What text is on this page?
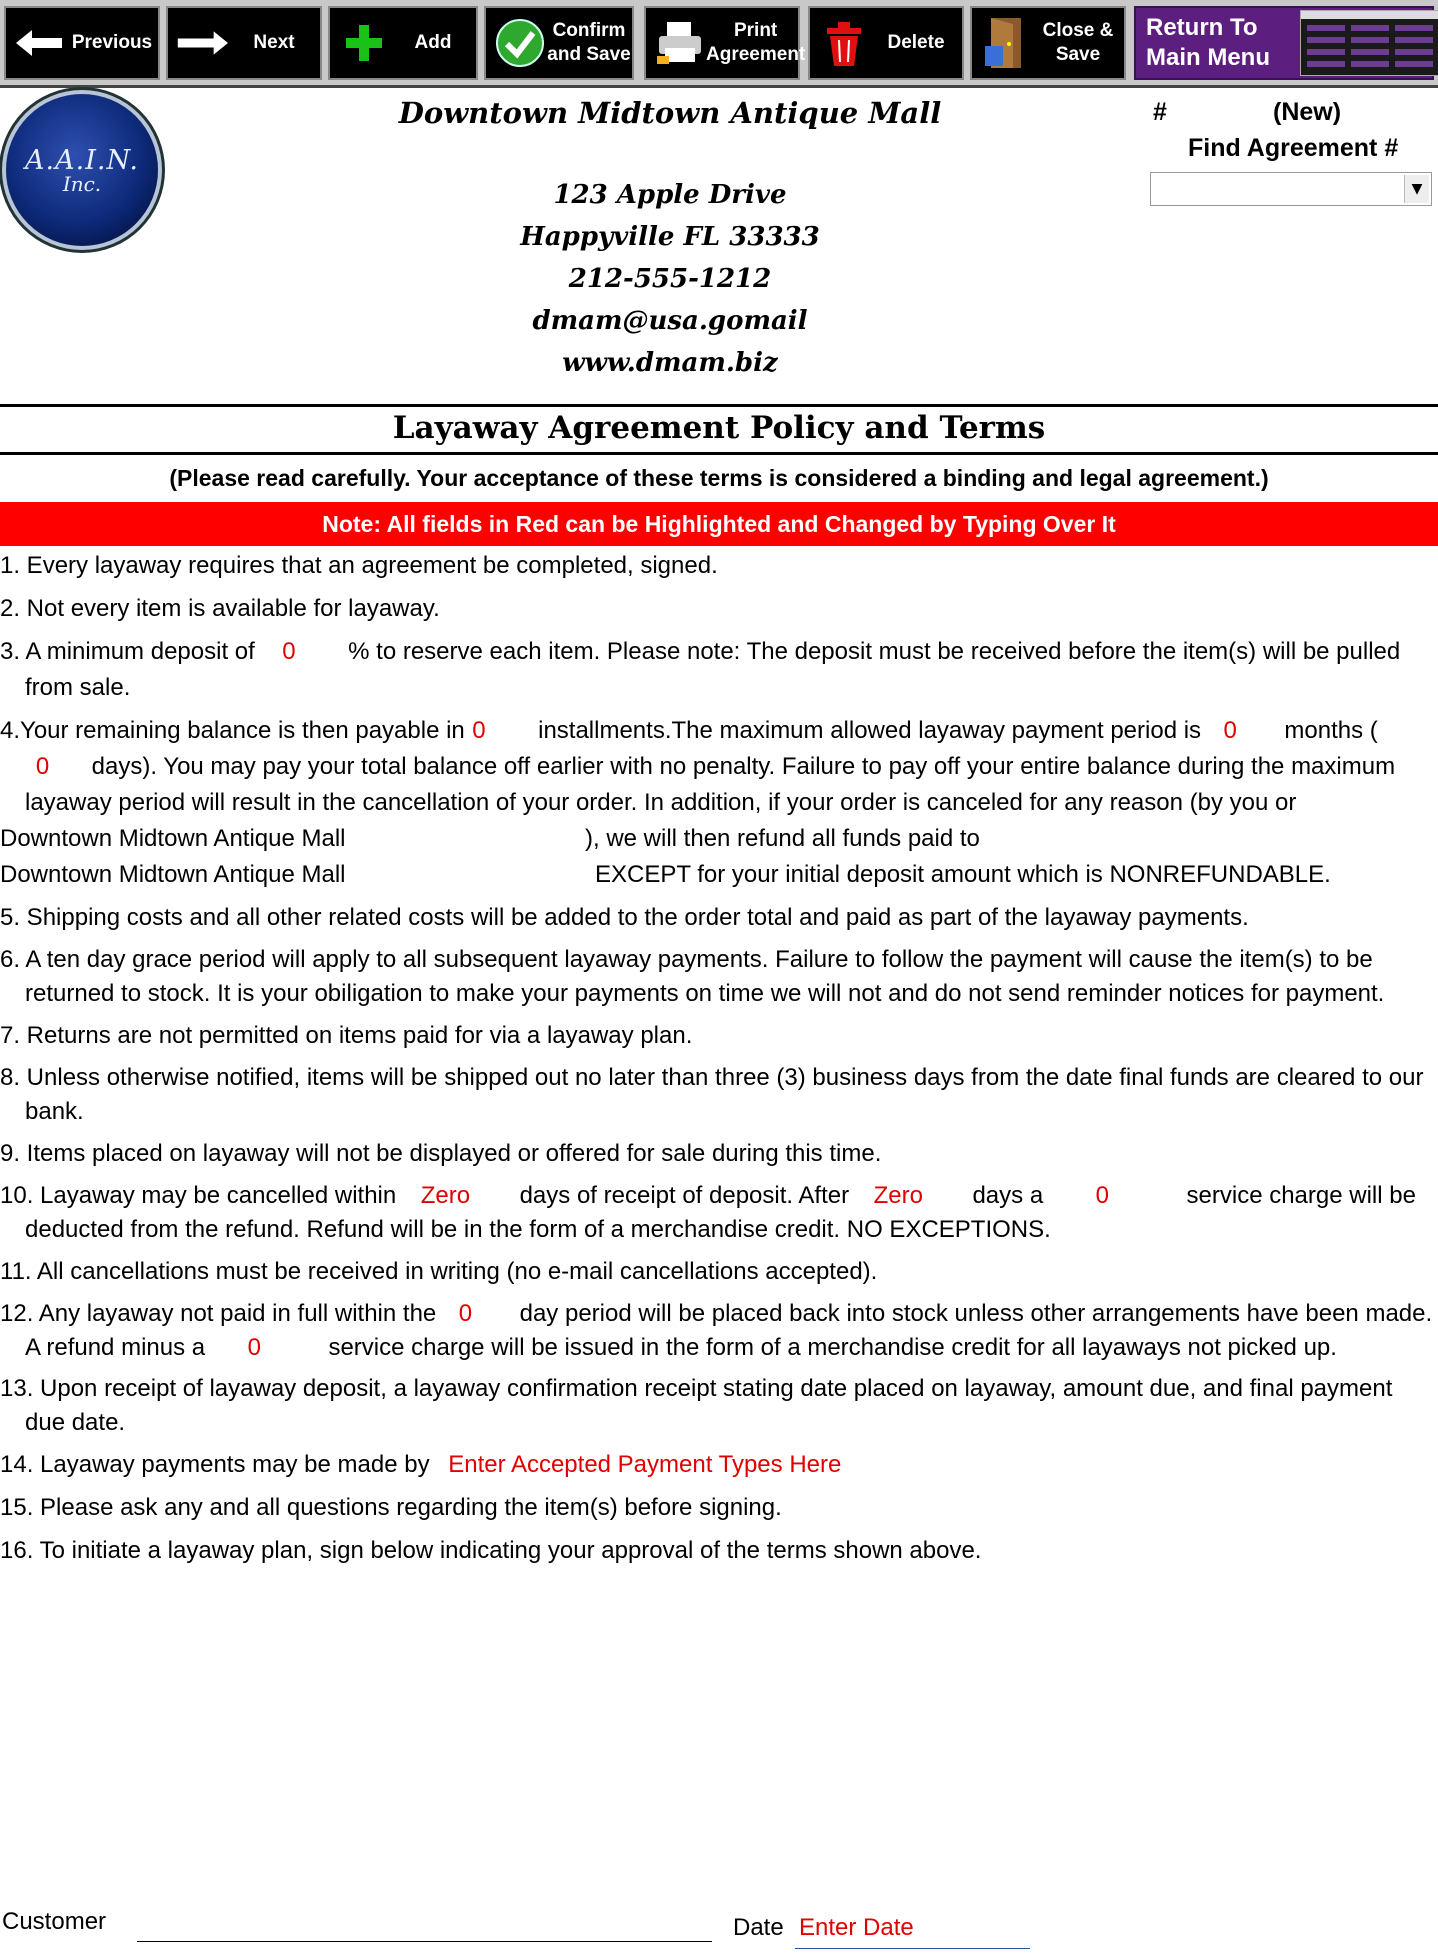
Previous	Next	Add
Confirm and Save
Print Agreement
Delete
Close & Save
Return To Main Menu
A.A.I.N.
Inc.
Downtown Midtown Antique Mall
123 Apple Drive
Happyville FL 33333
212-555-1212
dmam@usa.gomail
www.dmam.biz
#	(New)
Find Agreement #
▼
Layaway Agreement Policy and Terms
(Please read carefully. Your acceptance of these terms is considered a binding and legal agreement.)
Note: All fields in Red can be Highlighted and Changed by Typing Over It

1. Every layaway requires that an agreement be completed, signed.

2. Not every item is available for layaway.

3. A minimum deposit of 0 % to reserve each item. Please note: The deposit must be received before the item(s) will be pulled from sale.

4.Your remaining balance is then payable in 0 installments.The maximum allowed layaway payment period is 0 months ( 0 days). You may pay your total balance off earlier with no penalty. Failure to pay off your entire balance during the maximum layaway period will result in the cancellation of your order. In addition, if your order is canceled for any reason (by you or Downtown Midtown Antique Mall	), we will then refund all funds paid to Downtown Midtown Antique Mall	EXCEPT for your initial deposit amount which is NONREFUNDABLE.

5. Shipping costs and all other related costs will be added to the order total and paid as part of the layaway payments.

6. A ten day grace period will apply to all subsequent layaway payments. Failure to follow the payment will cause the item(s) to be returned to stock. It is your obiligation to make your payments on time we will not and do not send reminder notices for payment.

7. Returns are not permitted on items paid for via a layaway plan.

8. Unless otherwise notified, items will be shipped out no later than three (3) business days from the date final funds are cleared to our bank.

9. Items placed on layaway will not be displayed or offered for sale during this time.

10. Layaway may be cancelled within Zero days of receipt of deposit. After Zero days a 0	service charge will be deducted from the refund. Refund will be in the form of a merchandise credit. NO EXCEPTIONS.

11. All cancellations must be received in writing (no e-mail cancellations accepted).

12. Any layaway not paid in full within the 0 day period will be placed back into stock unless other arrangements have been made. A refund minus a 0	service charge will be issued in the form of a merchandise credit for all layaways not picked up.

13. Upon receipt of layaway deposit, a layaway confirmation receipt stating date placed on layaway, amount due, and final payment due date.

14. Layaway payments may be made by Enter Accepted Payment Types Here

15. Please ask any and all questions regarding the item(s) before signing.

16. To initiate a layaway plan, sign below indicating your approval of the terms shown above.

Customer	Date Enter Date
